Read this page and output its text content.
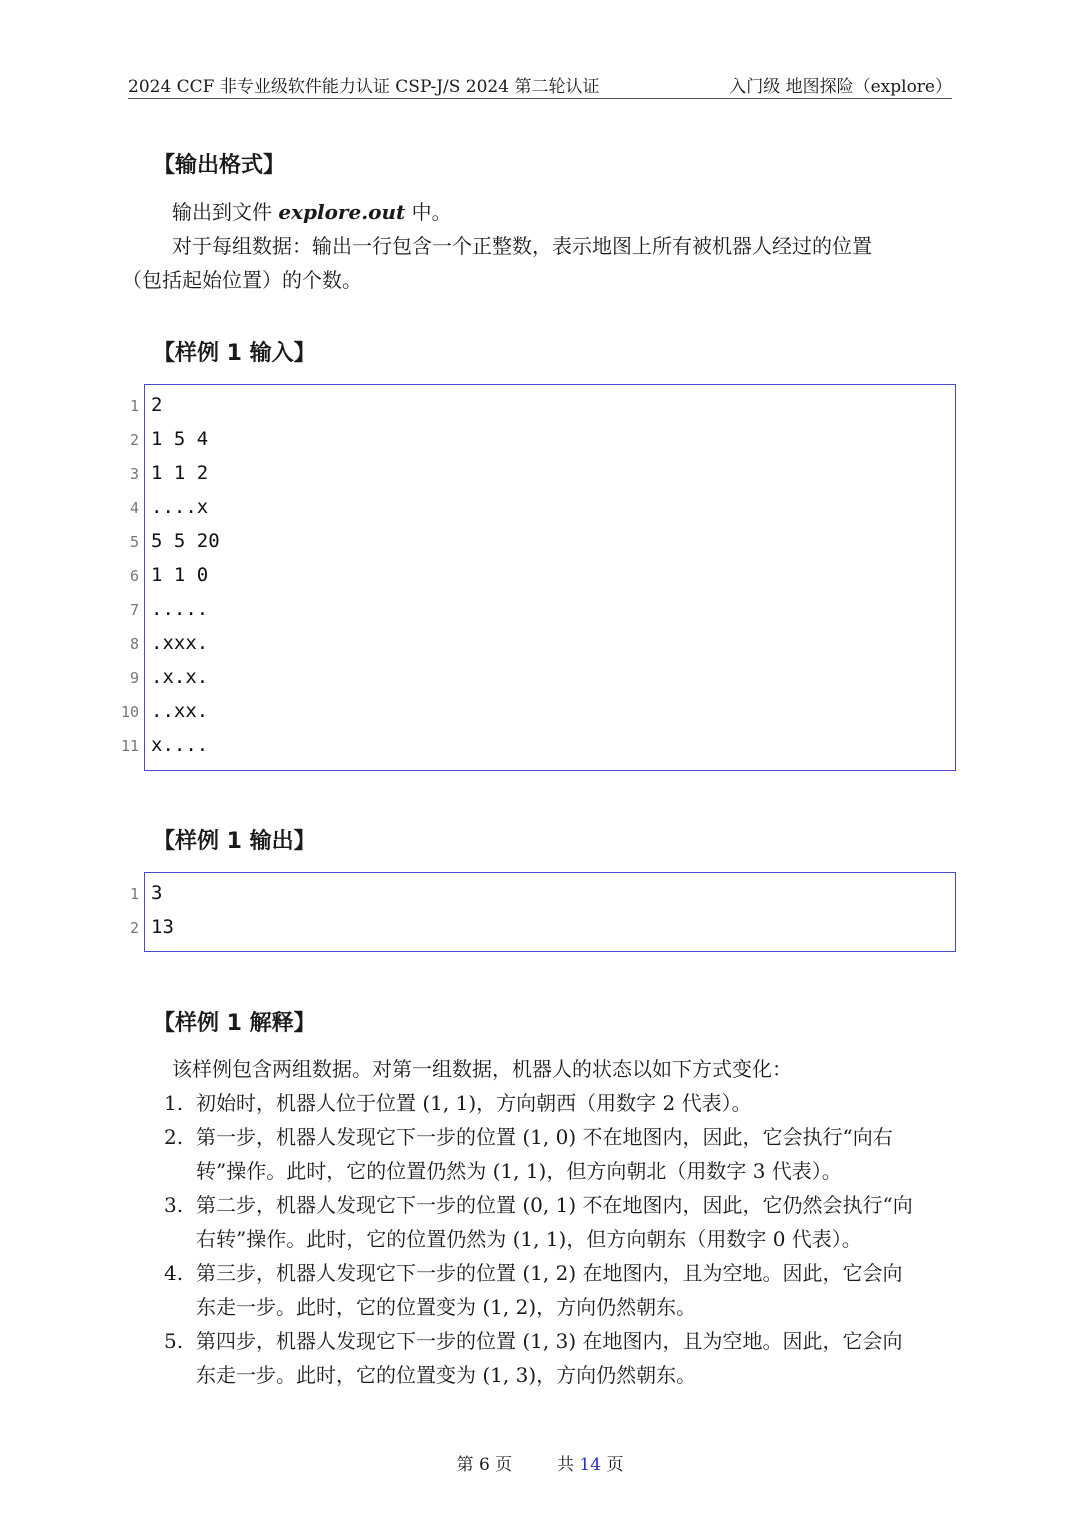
2024 CCF 非专业级软件能力认证 CSP-J/S 2024 第二轮认证	入门级 地图探险（explore）
【输出格式】
输出到文件 explore.out 中。
对于每组数据：输出一行包含一个正整数，表示地图上所有被机器人经过的位置
（包括起始位置）的个数。
【样例 1 输入】
1 2
2 1 5 4
3 1 1 2
4 ....x
5 5 5 20
6 1 1 0
7 .....
8 .xxx.
9 .x.x.
10 ..xx.
11 x....
【样例 1 输出】
1 3
2 13
【样例 1 解释】
该样例包含两组数据。对第一组数据，机器人的状态以如下方式变化：
1. 初始时，机器人位于位置 (1, 1)，方向朝西（用数字 2 代表）。
2. 第一步，机器人发现它下一步的位置 (1, 0) 不在地图内，因此，它会执行“向右
转”操作。此时，它的位置仍然为 (1, 1)，但方向朝北（用数字 3 代表）。
3. 第二步，机器人发现它下一步的位置 (0, 1) 不在地图内，因此，它仍然会执行“向
右转”操作。此时，它的位置仍然为 (1, 1)，但方向朝东（用数字 0 代表）。
4. 第三步，机器人发现它下一步的位置 (1, 2) 在地图内，且为空地。因此，它会向
东走一步。此时，它的位置变为 (1, 2)，方向仍然朝东。
5. 第四步，机器人发现它下一步的位置 (1, 3) 在地图内，且为空地。因此，它会向
东走一步。此时，它的位置变为 (1, 3)，方向仍然朝东。
第 6 页	共 14 页
